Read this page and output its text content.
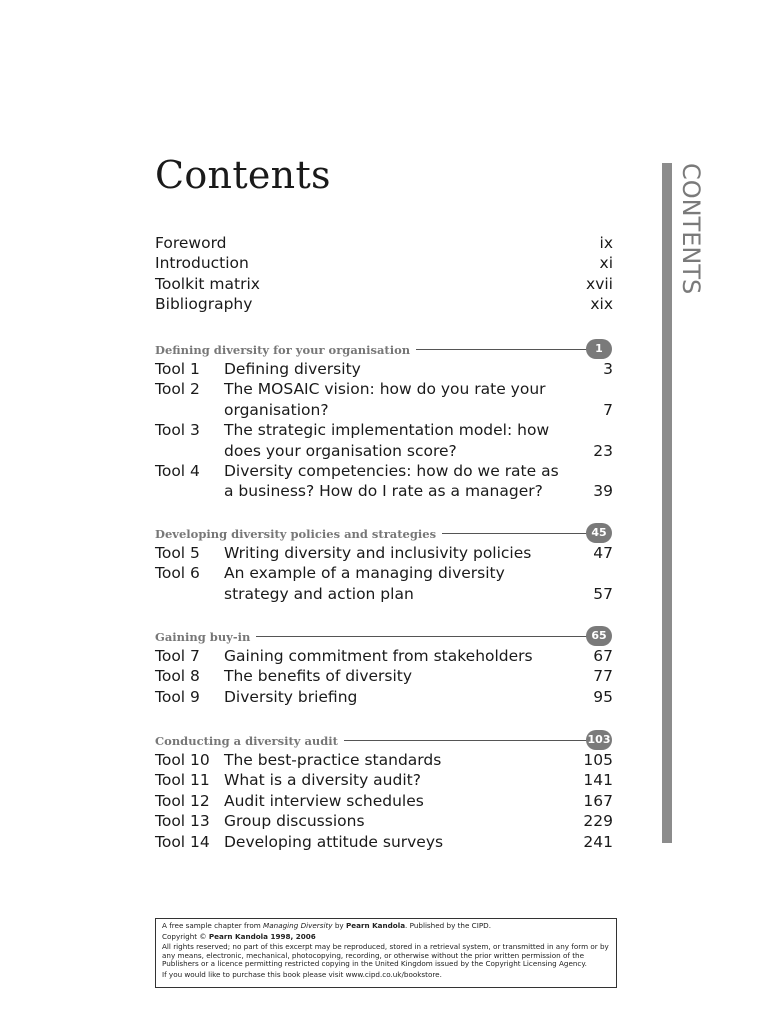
Contents	CONTENTS
Foreword	ix
Introduction	xi
Toolkit matrix	xvii
Bibliography	xix
Defining diversity for your organisation	1
Tool 1 Defining diversity	3
Tool 2 The MOSAIC vision: how do you rate your
organisation?	7
Tool 3 The strategic implementation model: how
does your organisation score?	23
Tool 4 Diversity competencies: how do we rate as
a business? How do I rate as a manager?	39
Developing diversity policies and strategies	45
Tool 5 Writing diversity and inclusivity policies	47
Tool 6 An example of a managing diversity
strategy and action plan	57
Gaining buy-in	65
Tool 7 Gaining commitment from stakeholders	67
Tool 8 The benefits of diversity	77
Tool 9 Diversity briefing	95
Conducting a diversity audit	103
Tool 10 The best-practice standards	105
Tool 11 What is a diversity audit?	141
Tool 12 Audit interview schedules	167
Tool 13 Group discussions	229
Tool 14 Developing attitude surveys	241

A free sample chapter from Managing Diversity by Pearn Kandola. Published by the CIPD.

Copyright © Pearn Kandola 1998, 2006

All rights reserved; no part of this excerpt may be reproduced, stored in a retrieval system, or transmitted in any form or by any means, electronic, mechanical, photocopying, recording, or otherwise without the prior written permission of the Publishers or a licence permitting restricted copying in the United Kingdom issued by the Copyright Licensing Agency.

If you would like to purchase this book please visit www.cipd.co.uk/bookstore.
